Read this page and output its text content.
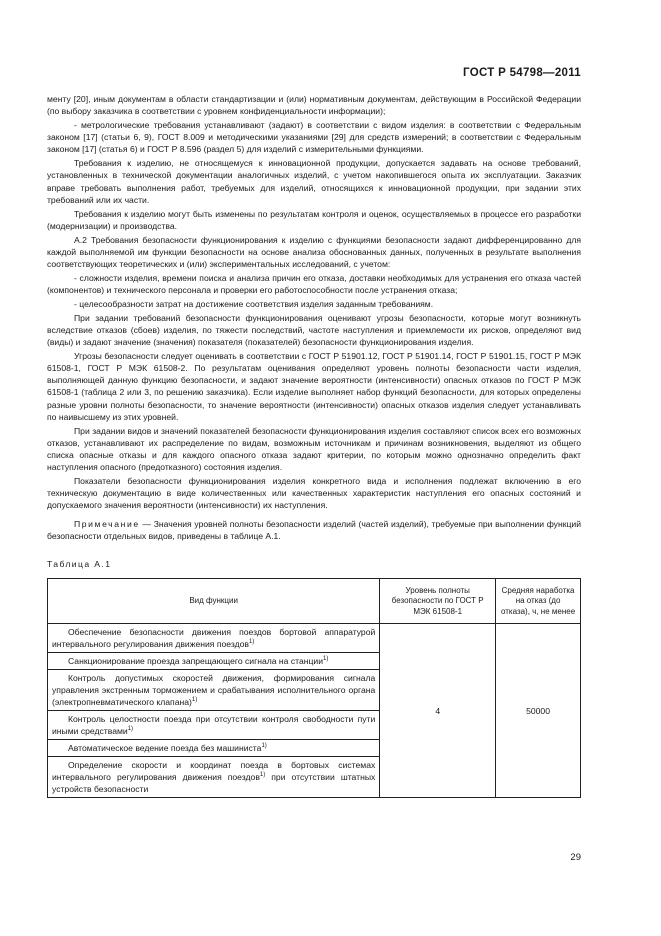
ГОСТ Р 54798—2011

менту [20], иным документам в области стандартизации и (или) нормативным документам, действующим в Российской Федерации (по выбору заказчика в соответствии с уровнем конфиденциальности информации);

- метрологические требования устанавливают (задают) в соответствии с видом изделия: в соответствии с Федеральным законом [17] (статьи 6, 9), ГОСТ 8.009 и методическими указаниями [29] для средств измерений; в соответствии с Федеральным законом [17] (статья 6) и ГОСТ Р 8.596 (раздел 5) для изделий с измерительными функциями.

Требования к изделию, не относящемуся к инновационной продукции, допускается задавать на основе требований, установленных в технической документации аналогичных изделий, с учетом накопившегося опыта их эксплуатации. Заказчик вправе требовать выполнения работ, требуемых для изделий, относящихся к инновационной продукции, при задании этих требований или их части.

Требования к изделию могут быть изменены по результатам контроля и оценок, осуществляемых в процессе его разработки (модернизации) и производства.

А.2 Требования безопасности функционирования к изделию с функциями безопасности задают дифференцированно для каждой выполняемой им функции безопасности на основе анализа обоснованных данных, полученных в результате выполнения соответствующих теоретических и (или) экспериментальных исследований, с учетом:

- сложности изделия, времени поиска и анализа причин его отказа, доставки необходимых для устранения его отказа частей (компонентов) и технического персонала и проверки его работоспособности после устранения отказа;

- целесообразности затрат на достижение соответствия изделия заданным требованиям.

При задании требований безопасности функционирования оценивают угрозы безопасности, которые могут возникнуть вследствие отказов (сбоев) изделия, по тяжести последствий, частоте наступления и приемлемости их рисков, определяют вид (виды) и задают значение (значения) показателя (показателей) безопасности функционирования изделия.

Угрозы безопасности следует оценивать в соответствии с ГОСТ Р 51901.12, ГОСТ Р 51901.14, ГОСТ Р 51901.15, ГОСТ Р МЭК 61508-1, ГОСТ Р МЭК 61508-2. По результатам оценивания определяют уровень полноты безопасности части изделия, выполняющей данную функцию безопасности, и задают значение вероятности (интенсивности) опасных отказов по ГОСТ Р МЭК 61508-1 (таблица 2 или 3, по решению заказчика). Если изделие выполняет набор функций безопасности, для которых определены разные уровни полноты безопасности, то значение вероятности (интенсивности) опасных отказов изделия следует устанавливать по наивысшему из этих уровней.

При задании видов и значений показателей безопасности функционирования изделия составляют список всех его возможных отказов, устанавливают их распределение по видам, возможным источникам и причинам возникновения, выделяют из общего списка опасные отказы и для каждого опасного отказа задают критерии, по которым можно однозначно определить факт наступления опасного (предотказного) состояния изделия.

Показатели безопасности функционирования изделия конкретного вида и исполнения подлежат включению в его техническую документацию в виде количественных или качественных характеристик наступления его опасных состояний и допускаемого значения вероятности (интенсивности) их наступления.

Примечание — Значения уровней полноты безопасности изделий (частей изделий), требуемые при выполнении функций безопасности отдельных видов, приведены в таблице А.1.

Таблица А.1
Вид функции	Уровень полноты безопасности по ГОСТ Р МЭК 61508-1	Средняя наработка на отказ (до отказа), ч, не менее
Обеспечение безопасности движения поездов бортовой аппаратурой интервального регулирования движения поездов$^{1)}$	4	50000
Санкционирование проезда запрещающего сигнала на станции$^{1)}$
Контроль допустимых скоростей движения, формирования сигнала управления экстренным торможением и срабатывания исполнительного органа (электропневматического клапана)$^{1)}$
Контроль целостности поезда при отсутствии контроля свободности пути иными средствами$^{1)}$
Автоматическое ведение поезда без машиниста$^{1)}$
Определение скорости и координат поезда в бортовых системах интервального регулирования движения поездов$^{1)}$ при отсутствии штатных устройств безопасности		
29
